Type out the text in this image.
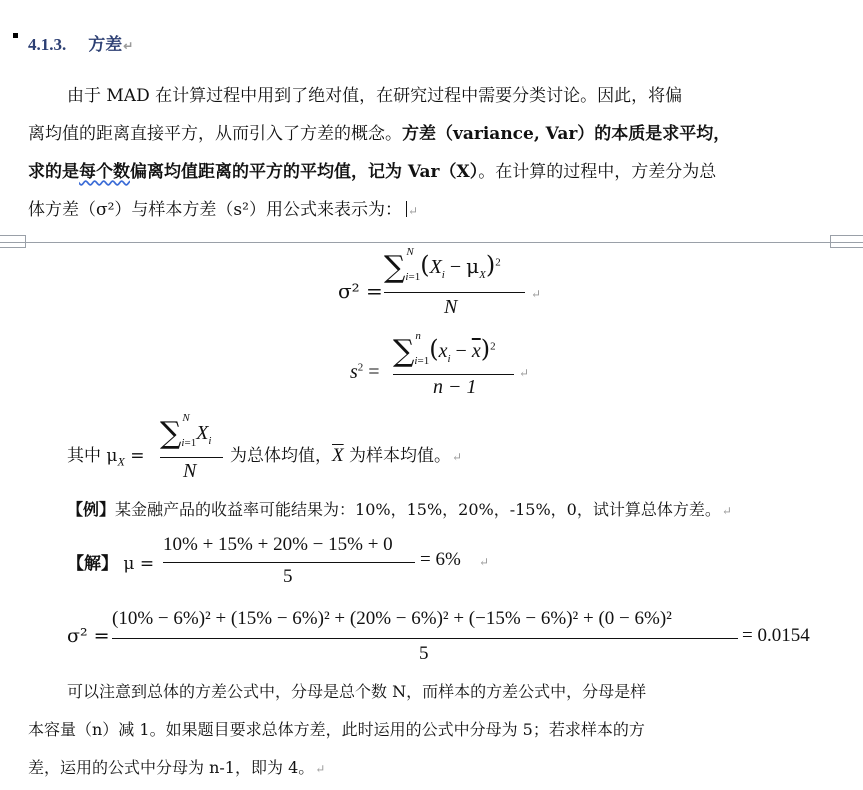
4.1.3. 方差↵
由于 MAD 在计算过程中用到了绝对值，在研究过程中需要分类讨论。因此，将偏
离均值的距离直接平方，从而引入了方差的概念。方差（variance, Var）的本质是求平均，
求的是每个数偏离均值距离的平方的平均值，记为 Var（X）。在计算的过程中，方差分为总
体方差（σ²）与样本方差（s²）用公式来表示为： ↵
σ² =
∑ N
$_{i=1}(X_i - \mu_X)^2$
N
↵
$s^2$ =
∑ n
$_{i=1}(x_i - \overline{x})^2$
n − 1
↵
其中 $\mu_X$ =
∑ N
$_{i=1}X_i$
N
为总体均值，$\overline{X}$ 为样本均值。↵
【例】某金融产品的收益率可能结果为：10%，15%，20%，-15%，0，试计算总体方差。↵
【解】 μ =
10% + 15% + 20% − 15% + 0
5
= 6% ↵
σ² =
(10% − 6%)² + (15% − 6%)² + (20% − 6%)² + (−15% − 6%)² + (0 − 6%)²
5
= 0.0154
可以注意到总体的方差公式中，分母是总个数 N，而样本的方差公式中，分母是样
本容量（n）减 1。如果题目要求总体方差，此时运用的公式中分母为 5；若求样本的方
差，运用的公式中分母为 n-1，即为 4。↵
